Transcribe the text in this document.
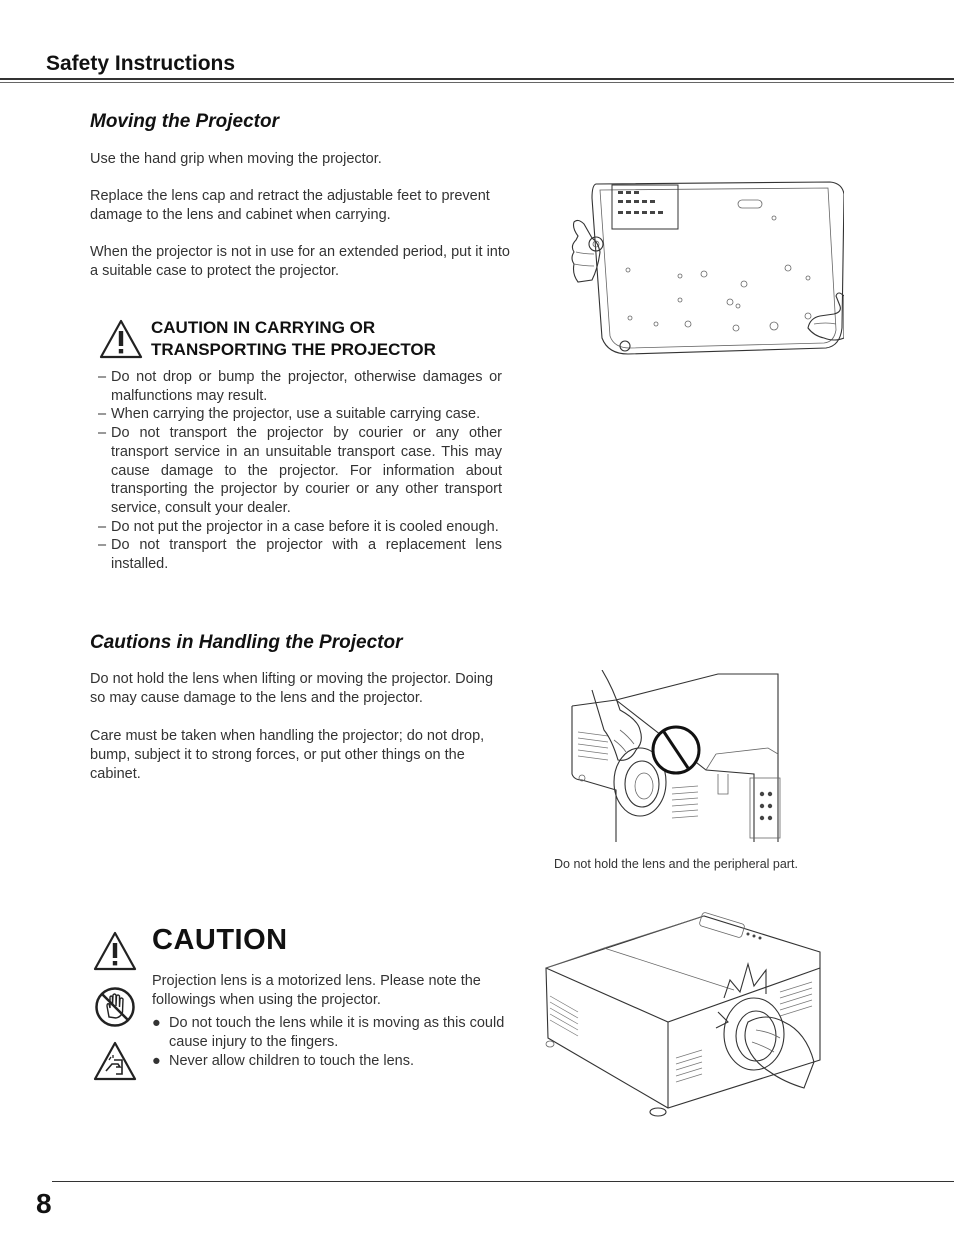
Safety Instructions
Moving the Projector
Use the hand grip when moving the projector.
Replace the lens cap and retract the adjustable feet to prevent damage to the lens and cabinet when carrying.
When the projector is not in use for an extended period, put it into a suitable case to protect the projector.
CAUTION IN CARRYING OR
TRANSPORTING THE PROJECTOR
– Do not drop or bump the projector, otherwise damages or malfunctions may result.
– When carrying the projector, use a suitable carrying case.
– Do not transport the projector by courier or any other transport service in an unsuitable transport case. This may cause damage to the projector. For information about transporting the projector by courier or any other transport service, consult your dealer.
– Do not put the projector in a case before it is cooled enough.
– Do not transport the projector with a replacement lens installed.
Cautions in Handling the Projector
Do not hold the lens when lifting or moving the projector. Doing so may cause damage to the lens and the projector.
Care must be taken when handling the projector; do not drop, bump, subject it to strong forces, or put other things on the cabinet.
Do not hold the lens and the peripheral part.
CAUTION
Projection lens is a motorized lens. Please note the followings when using the projector.
● Do not touch the lens while it is moving as this could cause injury to the fingers.
● Never allow children to touch the lens.
8
